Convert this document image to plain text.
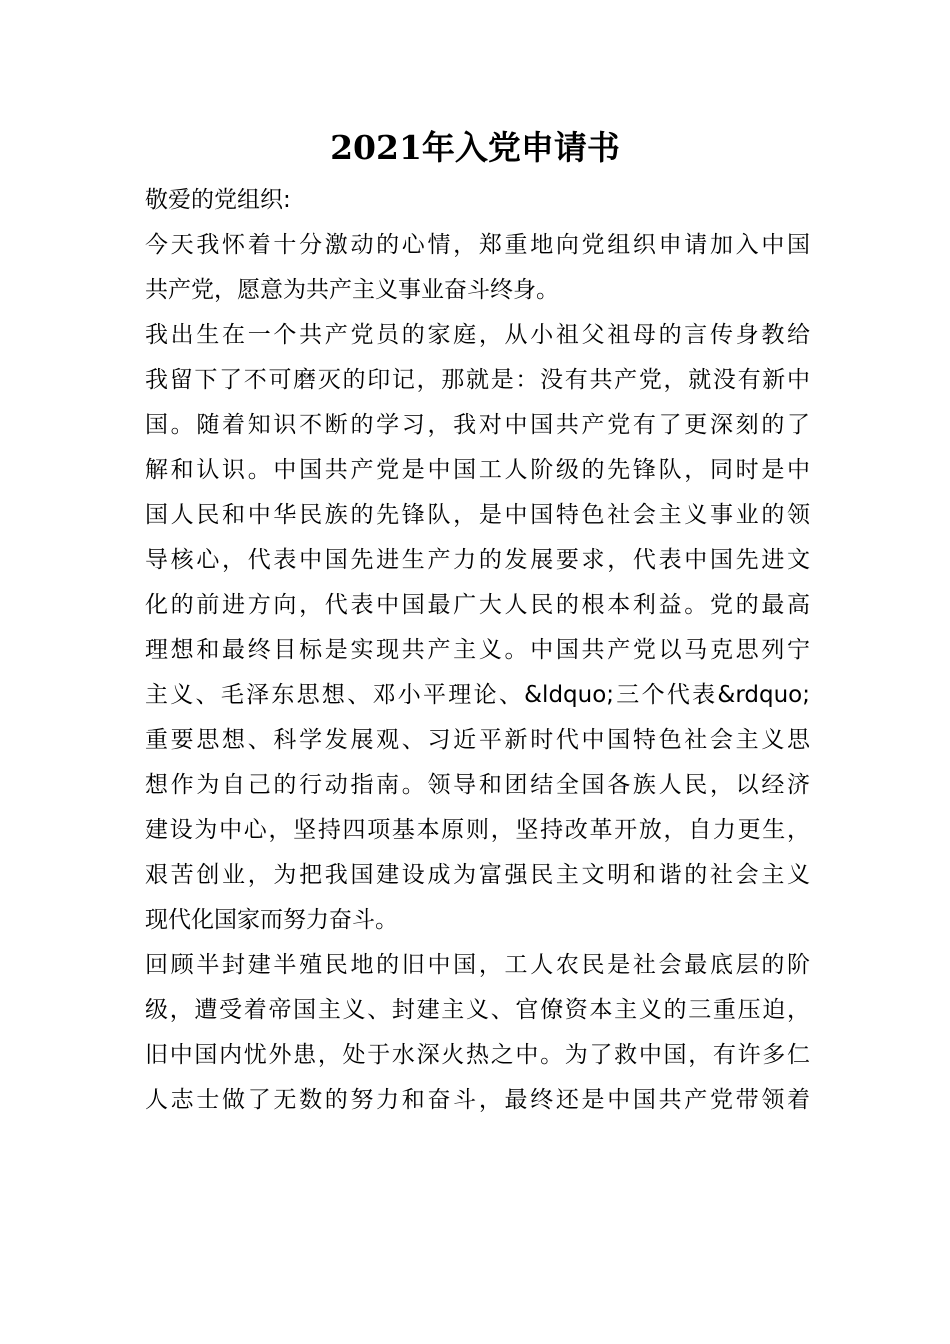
2021年入党申请书
敬爱的党组织:
今天我怀着十分激动的心情，郑重地向党组织申请加入中国
共产党，愿意为共产主义事业奋斗终身。
我出生在一个共产党员的家庭，从小祖父祖母的言传身教给
我留下了不可磨灭的印记，那就是：没有共产党，就没有新中
国。随着知识不断的学习，我对中国共产党有了更深刻的了
解和认识。中国共产党是中国工人阶级的先锋队，同时是中
国人民和中华民族的先锋队，是中国特色社会主义事业的领
导核心，代表中国先进生产力的发展要求，代表中国先进文
化的前进方向，代表中国最广大人民的根本利益。党的最高
理想和最终目标是实现共产主义。中国共产党以马克思列宁
主义、毛泽东思想、邓小平理论、&ldquo;三个代表&rdquo;
重要思想、科学发展观、习近平新时代中国特色社会主义思
想作为自己的行动指南。领导和团结全国各族人民，以经济
建设为中心，坚持四项基本原则，坚持改革开放，自力更生，
艰苦创业，为把我国建设成为富强民主文明和谐的社会主义
现代化国家而努力奋斗。
回顾半封建半殖民地的旧中国，工人农民是社会最底层的阶
级，遭受着帝国主义、封建主义、官僚资本主义的三重压迫，
旧中国内忧外患，处于水深火热之中。为了救中国，有许多仁
人志士做了无数的努力和奋斗，最终还是中国共产党带领着
